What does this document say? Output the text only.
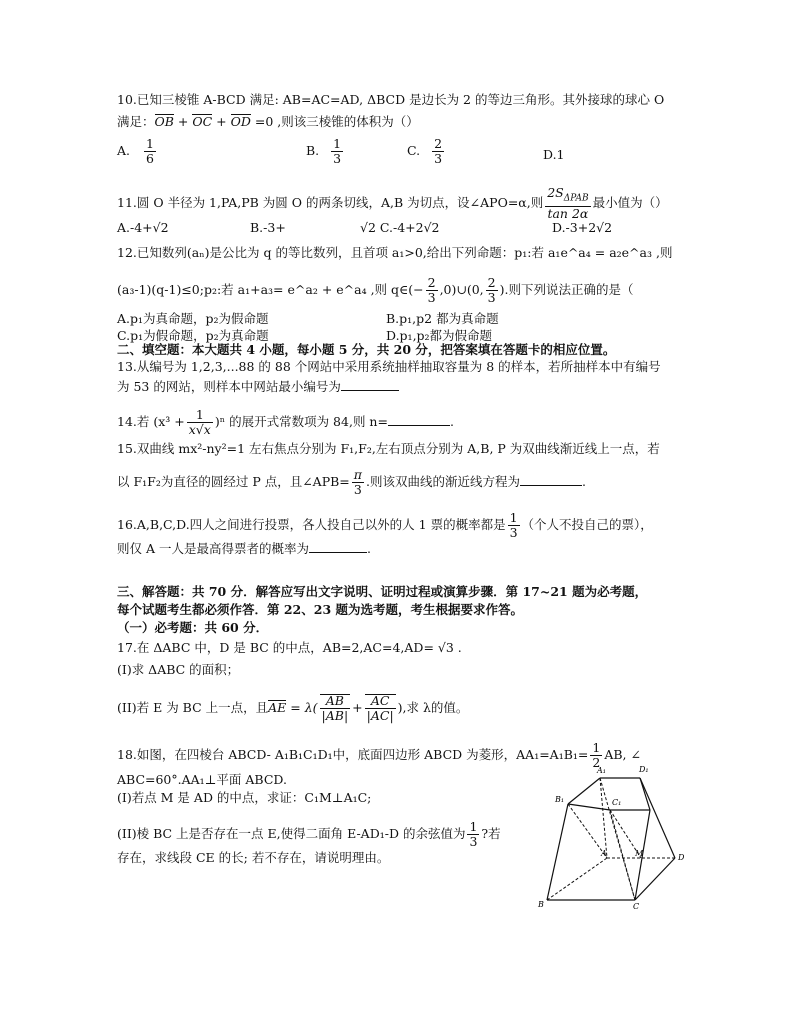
10.已知三棱锥 A-BCD 满足: AB=AC=AD, ΔBCD 是边长为 2 的等边三角形。其外接球的球心 O
满足：OB + OC + OD =0 ,则该三棱锥的体积为（）
A. $\frac{1}{6}$	B. $\frac{1}{3}$	C. $\frac{2}{3}$	D.1
11.圆 O 半径为 1,PA,PB 为圆 O 的两条切线，A,B 为切点，设∠APO=α,则 $\frac{2S_{\Delta PAB}}{\tan 2\alpha}$ 最小值为（）
A.-4+√2	B.-3+	√2 C.-4+2√2	D.-3+2√2
12.已知数列(aₙ)是公比为 q 的等比数列，且首项 a₁>0,给出下列命题：p₁:若 a₁e^a₄ = a₂e^a₃ ,则
(a₃-1)(q-1)≤0;p₂:若 a₁+a₃= e^a₂ + e^a₄ ,则 q∈(− $\frac{2}{3}$ ,0)∪(0, $\frac{2}{3}$ ).则下列说法正确的是（
A.p₁为真命题，p₂为假命题	B.p₁,p2 都为真命题
C.p₁为假命题，p₂为真命题	D.p₁,p₂都为假命题
二、填空题：本大题共 4 小题，每小题 5 分，共 20 分，把答案填在答题卡的相应位置。
13.从编号为 1,2,3,...88 的 88 个网站中采用系统抽样抽取容量为 8 的样本，若所抽样本中有编号
为 53 的网站，则样本中网站最小编号为
14.若 $(x^3 + \frac{1}{x√x} )^n$ 的展开式常数项为 84,则 n=	.
15.双曲线 mx²-ny²=1 左右焦点分别为 F₁,F₂,左右顶点分别为 A,B, P 为双曲线渐近线上一点，若
以 F₁F₂为直径的圆经过 P 点，且∠APB= $\frac{\pi}{3}$ .则该双曲线的渐近线方程为	.
16.A,B,C,D.四人之间进行投票，各人投自己以外的人 1 票的概率都是 $\frac{1}{3}$ （个人不投自己的票），
则仅 A 一人是最高得票者的概率为	.
三、解答题：共 70 分．解答应写出文字说明、证明过程或演算步骤．第 17~21 题为必考题，
每个试题考生都必须作答．第 22、23 题为选考题，考生根据要求作答。
（一）必考题：共 60 分．
17.在 ΔABC 中，D 是 BC 的中点，AB=2,AC=4,AD= √3 .
(I)求 ΔABC 的面积；
(II)若 E 为 BC 上一点，且AE = $\lambda( \frac{AB}{|AB|} + \frac{AC}{|AC|}$ ),求 λ的值。
18.如图，在四棱台 ABCD- A₁B₁C₁D₁中，底面四边形 ABCD 为菱形，$AA_1=A_1B_1= \frac{1}{2}$ AB, ∠
ABC=60°.AA₁⊥平面 ABCD.
(I)若点 M 是 AD 的中点，求证：C₁M⊥A₁C;
(II)棱 BC 上是否存在一点 E,使得二面角 E-AD₁-D 的余弦值为 $\frac{1}{3}$ ?若
存在，求线段 CE 的长; 若不存在，请说明理由。
A₁	D₁
B₁	C₁
A	M	D
B	C
